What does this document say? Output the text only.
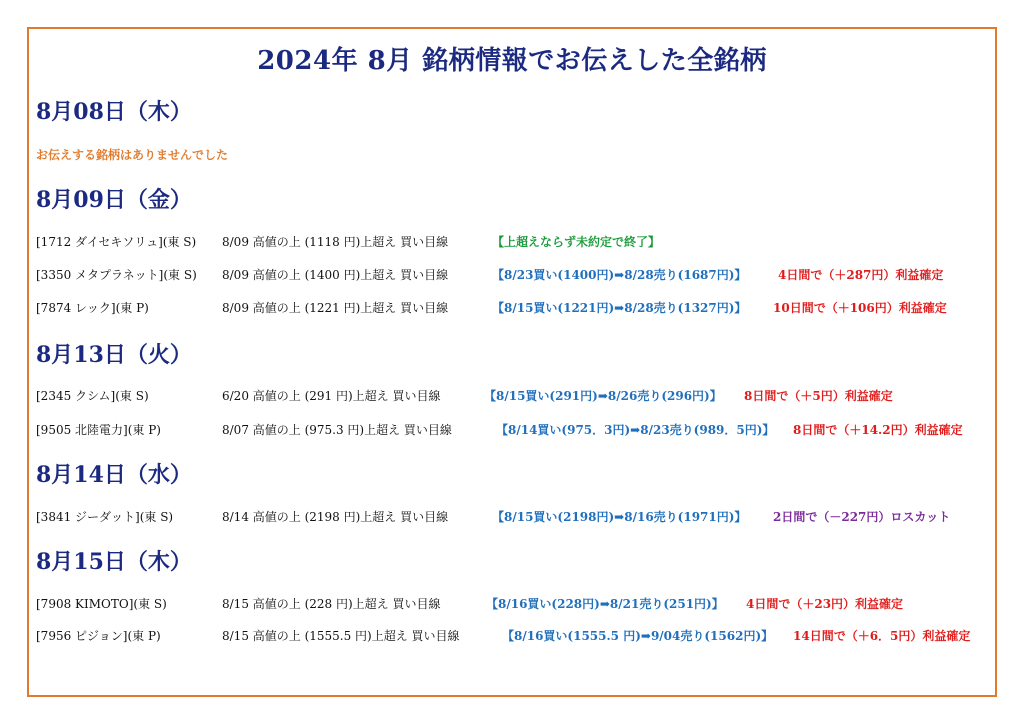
2024年 8月 銘柄情報でお伝えした全銘柄
8月08日（木）
お伝えする銘柄はありませんでした
8月09日（金）
[1712 ダイセキソリュ](東 S) 8/09 高値の上 (1118 円)上超え 買い目線	【上超えならず未約定で終了】
[3350 メタプラネット](東 S) 8/09 高値の上 (1400 円)上超え 買い目線	【8/23買い(1400円)➡8/28売り(1687円)】	4日間で（＋287円）利益確定
[7874 レック](東 P)	8/09 高値の上 (1221 円)上超え 買い目線	【8/15買い(1221円)➡8/28売り(1327円)】 10日間で（＋106円）利益確定
8月13日（火）
[2345 クシム](東 S)	6/20 高値の上 (291 円)上超え 買い目線	【8/15買い(291円)➡8/26売り(296円)】 8日間で（＋5円）利益確定
[9505 北陸電力](東 P)	8/07 高値の上 (975.3 円)上超え 買い目線	【8/14買い(975．3円)➡8/23売り(989．5円)】 8日間で（＋14.2円）利益確定
8月14日（水）
[3841 ジーダット](東 S)	8/14 高値の上 (2198 円)上超え 買い目線	【8/15買い(2198円)➡8/16売り(1971円)】 2日間で（－227円）ロスカット
8月15日（木）
[7908 KIMOTO](東 S)	8/15 高値の上 (228 円)上超え 買い目線	【8/16買い(228円)➡8/21売り(251円)】 4日間で（＋23円）利益確定
[7956 ピジョン](東 P)	8/15 高値の上 (1555.5 円)上超え 買い目線	【8/16買い(1555.5 円)➡9/04売り(1562円)】 14日間で（＋6．5円）利益確定
